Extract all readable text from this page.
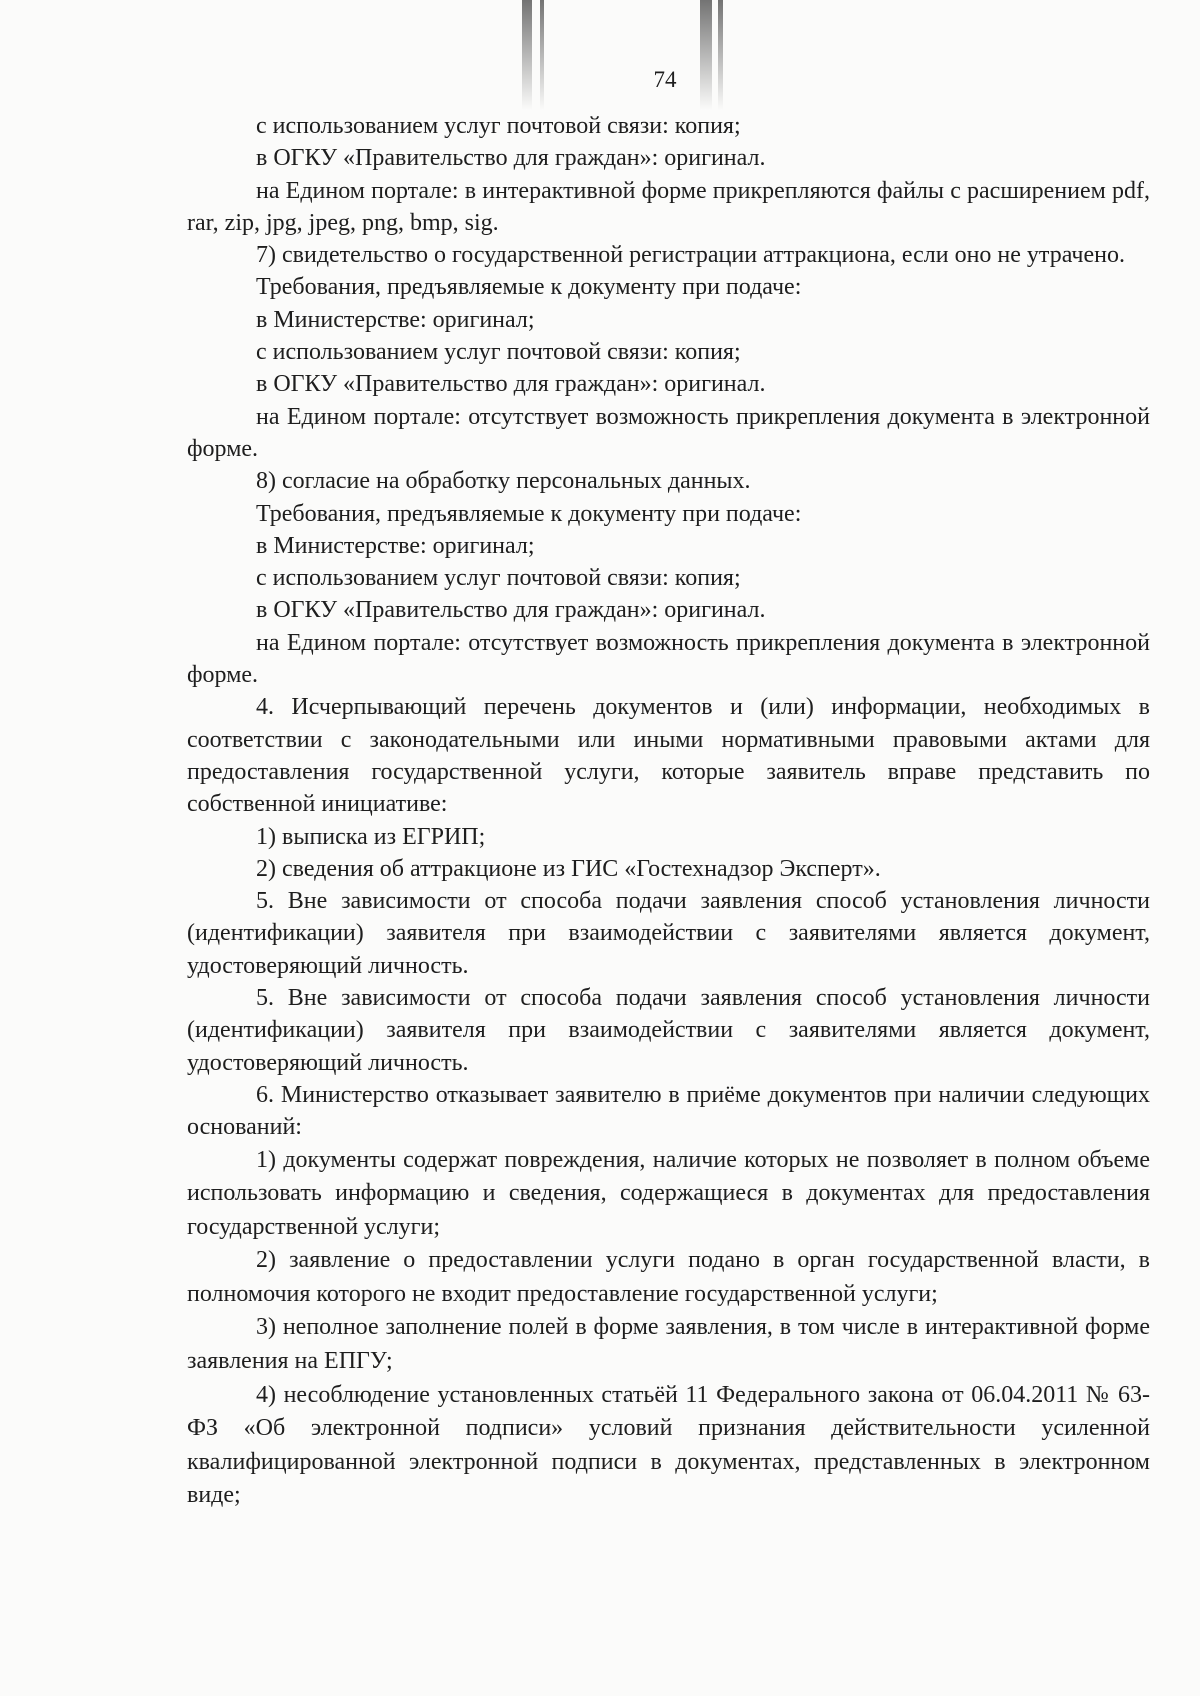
74

с использованием услуг почтовой связи: копия;

в ОГКУ «Правительство для граждан»: оригинал.

на Едином портале: в интерактивной форме прикрепляются файлы с расширением pdf, rar, zip, jpg, jpeg, png, bmp, sig.

7) свидетельство о государственной регистрации аттракциона, если оно не утрачено.

Требования, предъявляемые к документу при подаче:

в Министерстве: оригинал;

с использованием услуг почтовой связи: копия;

в ОГКУ «Правительство для граждан»: оригинал.

на Едином портале: отсутствует возможность прикрепления документа в электронной форме.

8) согласие на обработку персональных данных.

Требования, предъявляемые к документу при подаче:

в Министерстве: оригинал;

с использованием услуг почтовой связи: копия;

в ОГКУ «Правительство для граждан»: оригинал.

на Едином портале: отсутствует возможность прикрепления документа в электронной форме.

4. Исчерпывающий перечень документов и (или) информации, необходимых в соответствии с законодательными или иными нормативными правовыми актами для предоставления государственной услуги, которые заявитель вправе представить по собственной инициативе:

1) выписка из ЕГРИП;

2) сведения об аттракционе из ГИС «Гостехнадзор Эксперт».

5. Вне зависимости от способа подачи заявления способ установления личности (идентификации) заявителя при взаимодействии с заявителями является документ, удостоверяющий личность.

5. Вне зависимости от способа подачи заявления способ установления личности (идентификации) заявителя при взаимодействии с заявителями является документ, удостоверяющий личность.

6. Министерство отказывает заявителю в приёме документов при наличии следующих оснований:

1) документы содержат повреждения, наличие которых не позволяет в полном объеме использовать информацию и сведения, содержащиеся в документах для предоставления государственной услуги;

2) заявление о предоставлении услуги подано в орган государственной власти, в полномочия которого не входит предоставление государственной услуги;

3) неполное заполнение полей в форме заявления, в том числе в интерактивной форме заявления на ЕПГУ;

4) несоблюдение установленных статьёй 11 Федерального закона от 06.04.2011 № 63-ФЗ «Об электронной подписи» условий признания действительности усиленной квалифицированной электронной подписи в документах, представленных в электронном виде;
